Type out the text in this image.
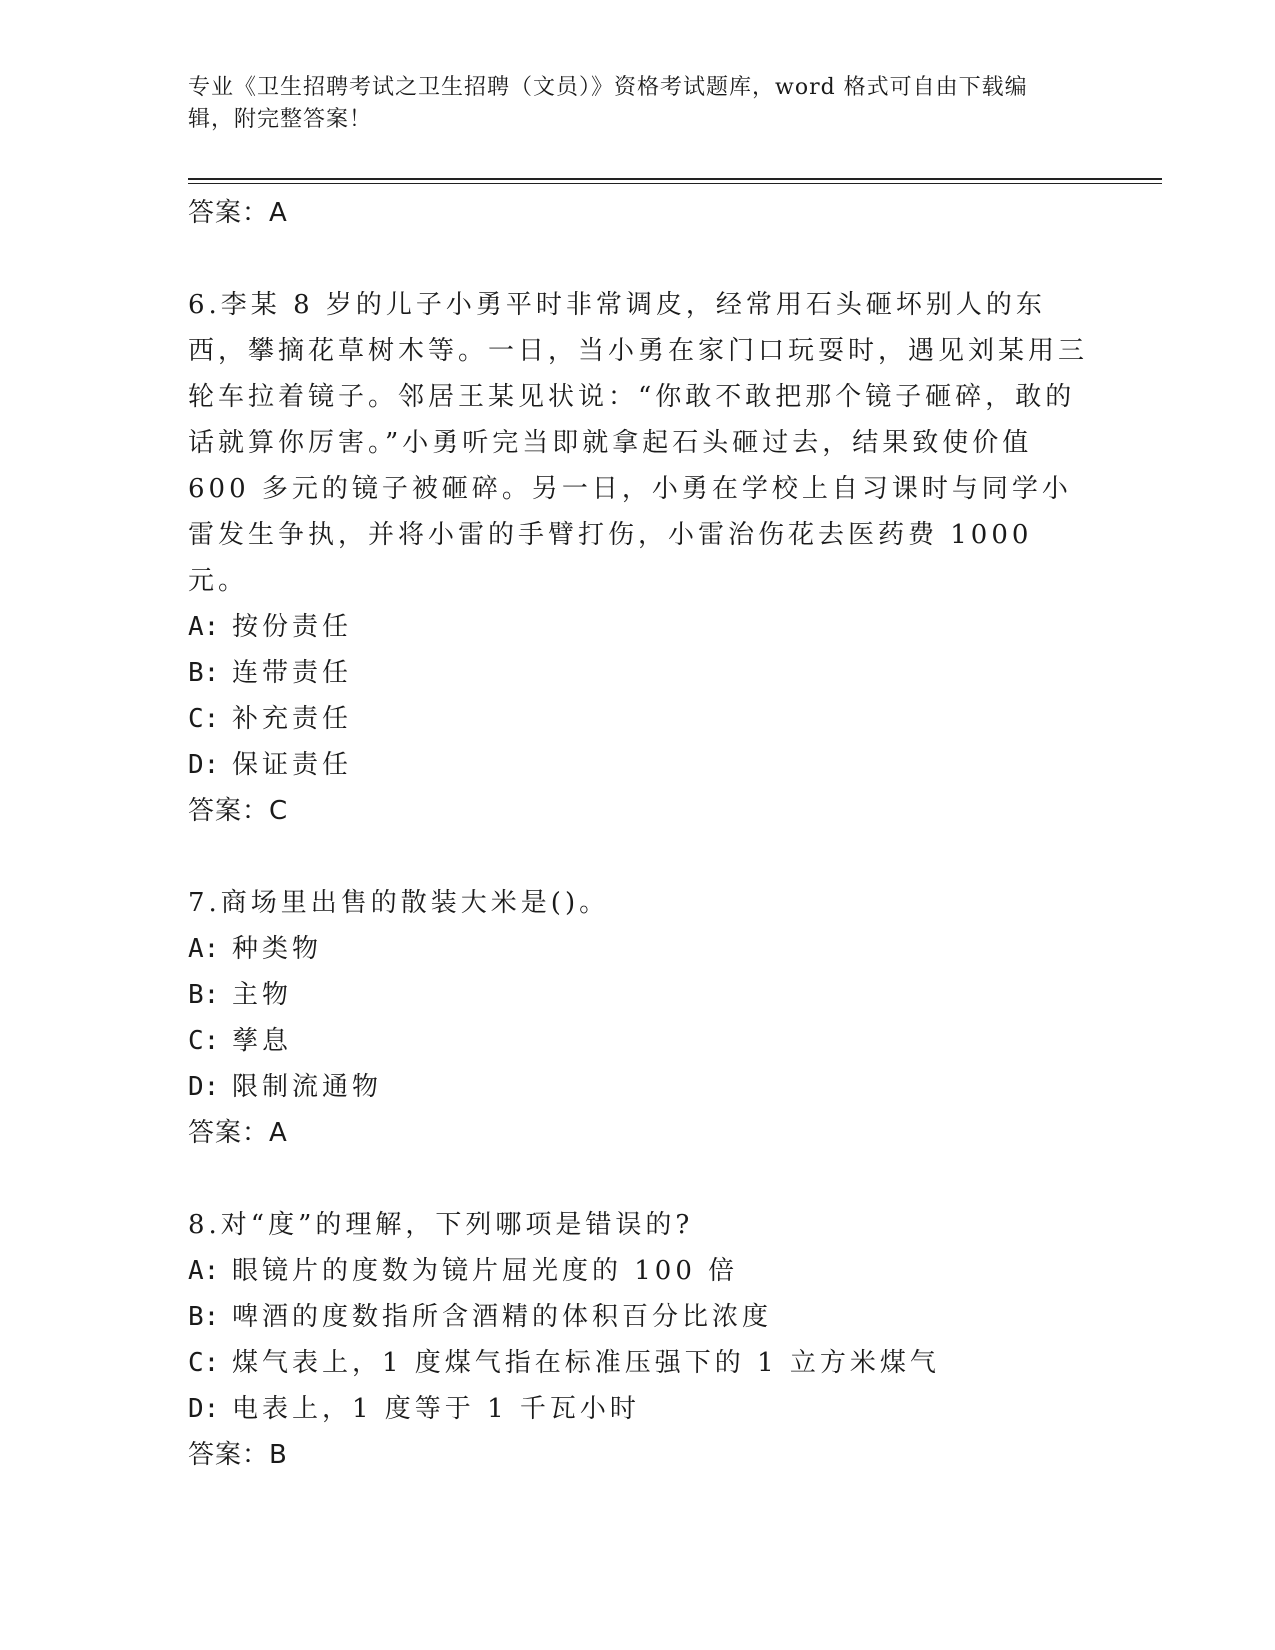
专业《卫生招聘考试之卫生招聘（文员）》资格考试题库，word 格式可自由下载编辑，附完整答案！
答案：A

6.李某 8 岁的儿子小勇平时非常调皮，经常用石头砸坏别人的东西，攀摘花草树木等。一日，当小勇在家门口玩耍时，遇见刘某用三轮车拉着镜子。邻居王某见状说：“你敢不敢把那个镜子砸碎，敢的话就算你厉害。”小勇听完当即就拿起石头砸过去，结果致使价值 600 多元的镜子被砸碎。另一日，小勇在学校上自习课时与同学小雷发生争执，并将小雷的手臂打伤，小雷治伤花去医药费 1000 元。

A: 按份责任
B: 连带责任
C: 补充责任
D: 保证责任
答案：C

7.商场里出售的散装大米是()。

A: 种类物
B: 主物
C: 孳息
D: 限制流通物
答案：A

8.对“度”的理解，下列哪项是错误的?

A: 眼镜片的度数为镜片屈光度的 100 倍
B: 啤酒的度数指所含酒精的体积百分比浓度
C: 煤气表上，1 度煤气指在标准压强下的 1 立方米煤气
D: 电表上，1 度等于 1 千瓦小时
答案：B
